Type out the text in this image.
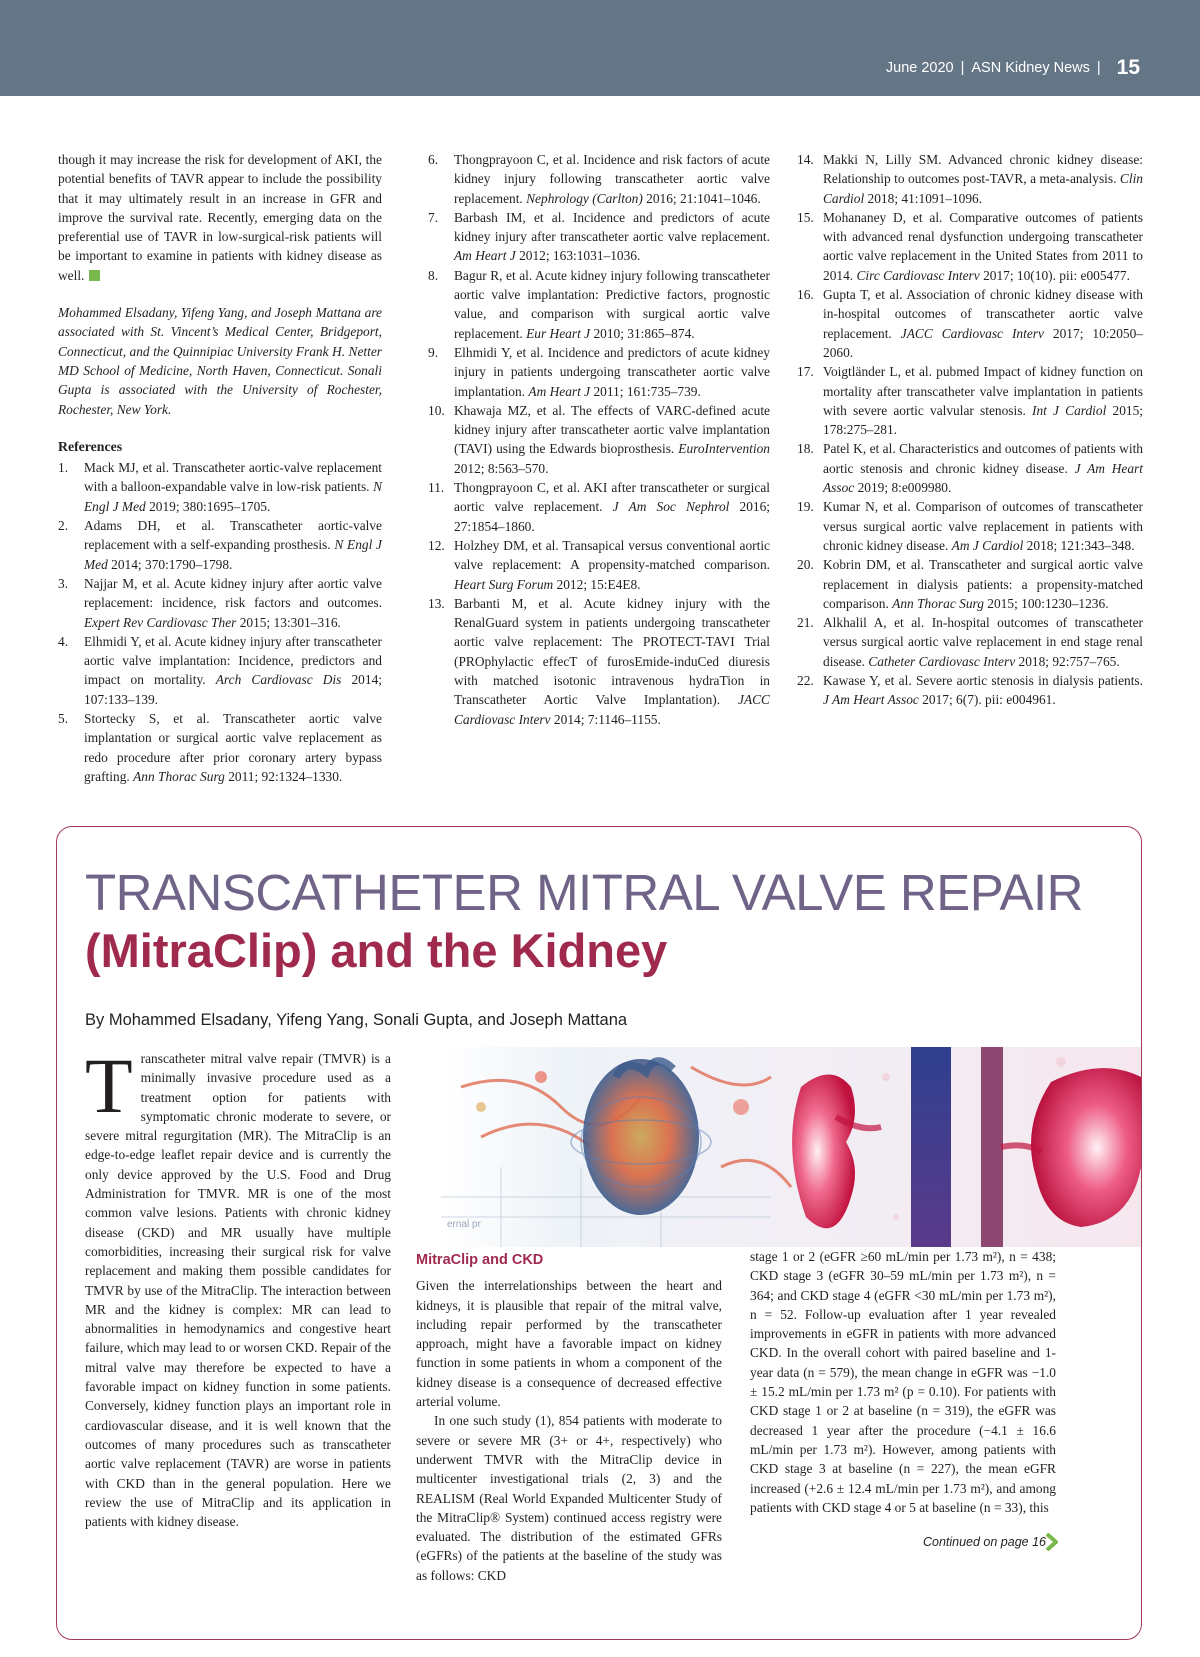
June 2020 | ASN Kidney News | 15

though it may increase the risk for development of AKI, the potential benefits of TAVR appear to include the possibility that it may ultimately result in an increase in GFR and improve the survival rate. Recently, emerging data on the preferential use of TAVR in low-surgical-risk patients will be important to examine in patients with kidney disease as well.

Mohammed Elsadany, Yifeng Yang, and Joseph Mattana are associated with St. Vincent’s Medical Center, Bridgeport, Connecticut, and the Quinnipiac University Frank H. Netter MD School of Medicine, North Haven, Connecticut. Sonali Gupta is associated with the University of Rochester, Rochester, New York.

References
1.	Mack MJ, et al. Transcatheter aortic-valve replacement with a balloon-expandable valve in low-risk patients. N Engl J Med 2019; 380:1695–1705.
2.	Adams DH, et al. Transcatheter aortic-valve replacement with a self-expanding prosthesis. N Engl J Med 2014; 370:1790–1798.
3.	Najjar M, et al. Acute kidney injury after aortic valve replacement: incidence, risk factors and outcomes. Expert Rev Cardiovasc Ther 2015; 13:301–316.
4.	Elhmidi Y, et al. Acute kidney injury after transcatheter aortic valve implantation: Incidence, predictors and impact on mortality. Arch Cardiovasc Dis 2014; 107:133–139.
5.	Stortecky S, et al. Transcatheter aortic valve implantation or surgical aortic valve replacement as redo procedure after prior coronary artery bypass grafting. Ann Thorac Surg 2011; 92:1324–1330.
6.	Thongprayoon C, et al. Incidence and risk factors of acute kidney injury following transcatheter aortic valve replacement. Nephrology (Carlton) 2016; 21:1041–1046.
7.	Barbash IM, et al. Incidence and predictors of acute kidney injury after transcatheter aortic valve replacement. Am Heart J 2012; 163:1031–1036.
8.	Bagur R, et al. Acute kidney injury following transcatheter aortic valve implantation: Predictive factors, prognostic value, and comparison with surgical aortic valve replacement. Eur Heart J 2010; 31:865–874.
9.	Elhmidi Y, et al. Incidence and predictors of acute kidney injury in patients undergoing transcatheter aortic valve implantation. Am Heart J 2011; 161:735–739.
10. Khawaja MZ, et al. The effects of VARC-defined acute kidney injury after transcatheter aortic valve implantation (TAVI) using the Edwards bioprosthesis. EuroIntervention 2012; 8:563–570.
11. Thongprayoon C, et al. AKI after transcatheter or surgical aortic valve replacement. J Am Soc Nephrol 2016; 27:1854–1860.
12. Holzhey DM, et al. Transapical versus conventional aortic valve replacement: A propensity-matched comparison. Heart Surg Forum 2012; 15:E4E8.
13. Barbanti M, et al. Acute kidney injury with the RenalGuard system in patients undergoing transcatheter aortic valve replacement: The PROTECT-TAVI Trial (PROphylactic effecT of furosEmide-induCed diuresis with matched isotonic intravenous hydraTion in Transcatheter Aortic Valve Implantation). JACC Cardiovasc Interv 2014; 7:1146–1155.
14. Makki N, Lilly SM. Advanced chronic kidney disease: Relationship to outcomes post-TAVR, a meta-analysis. Clin Cardiol 2018; 41:1091–1096.
15. Mohananey D, et al. Comparative outcomes of patients with advanced renal dysfunction undergoing transcatheter aortic valve replacement in the United States from 2011 to 2014. Circ Cardiovasc Interv 2017; 10(10). pii: e005477.
16. Gupta T, et al. Association of chronic kidney disease with in-hospital outcomes of transcatheter aortic valve replacement. JACC Cardiovasc Interv 2017; 10:2050–2060.
17. Voigtländer L, et al. pubmed Impact of kidney function on mortality after transcatheter valve implantation in patients with severe aortic valvular stenosis. Int J Cardiol 2015; 178:275–281.
18. Patel K, et al. Characteristics and outcomes of patients with aortic stenosis and chronic kidney disease. J Am Heart Assoc 2019; 8:e009980.
19. Kumar N, et al. Comparison of outcomes of transcatheter versus surgical aortic valve replacement in patients with chronic kidney disease. Am J Cardiol 2018; 121:343–348.
20. Kobrin DM, et al. Transcatheter and surgical aortic valve replacement in dialysis patients: a propensity-matched comparison. Ann Thorac Surg 2015; 100:1230–1236.
21. Alkhalil A, et al. In-hospital outcomes of transcatheter versus surgical aortic valve replacement in end stage renal disease. Catheter Cardiovasc Interv 2018; 92:757–765.
22. Kawase Y, et al. Severe aortic stenosis in dialysis patients. J Am Heart Assoc 2017; 6(7). pii: e004961.
TRANSCATHETER MITRAL VALVE REPAIR
(MitraClip) and the Kidney
By Mohammed Elsadany, Yifeng Yang, Sonali Gupta, and Joseph Mattana
ernal pr

Transcatheter mitral valve repair (TMVR) is a minimally invasive procedure used as a treatment option for patients with symptomatic chronic moderate to severe, or severe mitral regurgitation (MR). The MitraClip is an edge-to-edge leaflet repair device and is currently the only device approved by the U.S. Food and Drug Administration for TMVR. MR is one of the most common valve lesions. Patients with chronic kidney disease (CKD) and MR usually have multiple comorbidities, increasing their surgical risk for valve replacement and making them possible candidates for TMVR by use of the MitraClip. The interaction between MR and the kidney is complex: MR can lead to abnormalities in hemodynamics and congestive heart failure, which may lead to or worsen CKD. Repair of the mitral valve may therefore be expected to have a favorable impact on kidney function in some patients. Conversely, kidney function plays an important role in cardiovascular disease, and it is well known that the outcomes of many procedures such as transcatheter aortic valve replacement (TAVR) are worse in patients with CKD than in the general population. Here we review the use of MitraClip and its application in patients with kidney disease.

MitraClip and CKD

Given the interrelationships between the heart and kidneys, it is plausible that repair of the mitral valve, including repair performed by the transcatheter approach, might have a favorable impact on kidney function in some patients in whom a component of the kidney disease is a consequence of decreased effective arterial volume.

In one such study (1), 854 patients with moderate to severe or severe MR (3+ or 4+, respectively) who underwent TMVR with the MitraClip device in multicenter investigational trials (2, 3) and the REALISM (Real World Expanded Multicenter Study of the MitraClip® System) continued access registry were evaluated. The distribution of the estimated GFRs (eGFRs) of the patients at the baseline of the study was as follows: CKD

stage 1 or 2 (eGFR ≥60 mL/min per 1.73 m²), n = 438; CKD stage 3 (eGFR 30–59 mL/min per 1.73 m²), n = 364; and CKD stage 4 (eGFR <30 mL/min per 1.73 m²), n = 52. Follow-up evaluation after 1 year revealed improvements in eGFR in patients with more advanced CKD. In the overall cohort with paired baseline and 1-year data (n = 579), the mean change in eGFR was −1.0 ± 15.2 mL/min per 1.73 m² (p = 0.10). For patients with CKD stage 1 or 2 at baseline (n = 319), the eGFR was decreased 1 year after the procedure (−4.1 ± 16.6 mL/min per 1.73 m²). However, among patients with CKD stage 3 at baseline (n = 227), the mean eGFR increased (+2.6 ± 12.4 mL/min per 1.73 m²), and among patients with CKD stage 4 or 5 at baseline (n = 33), this

Continued on page 16
